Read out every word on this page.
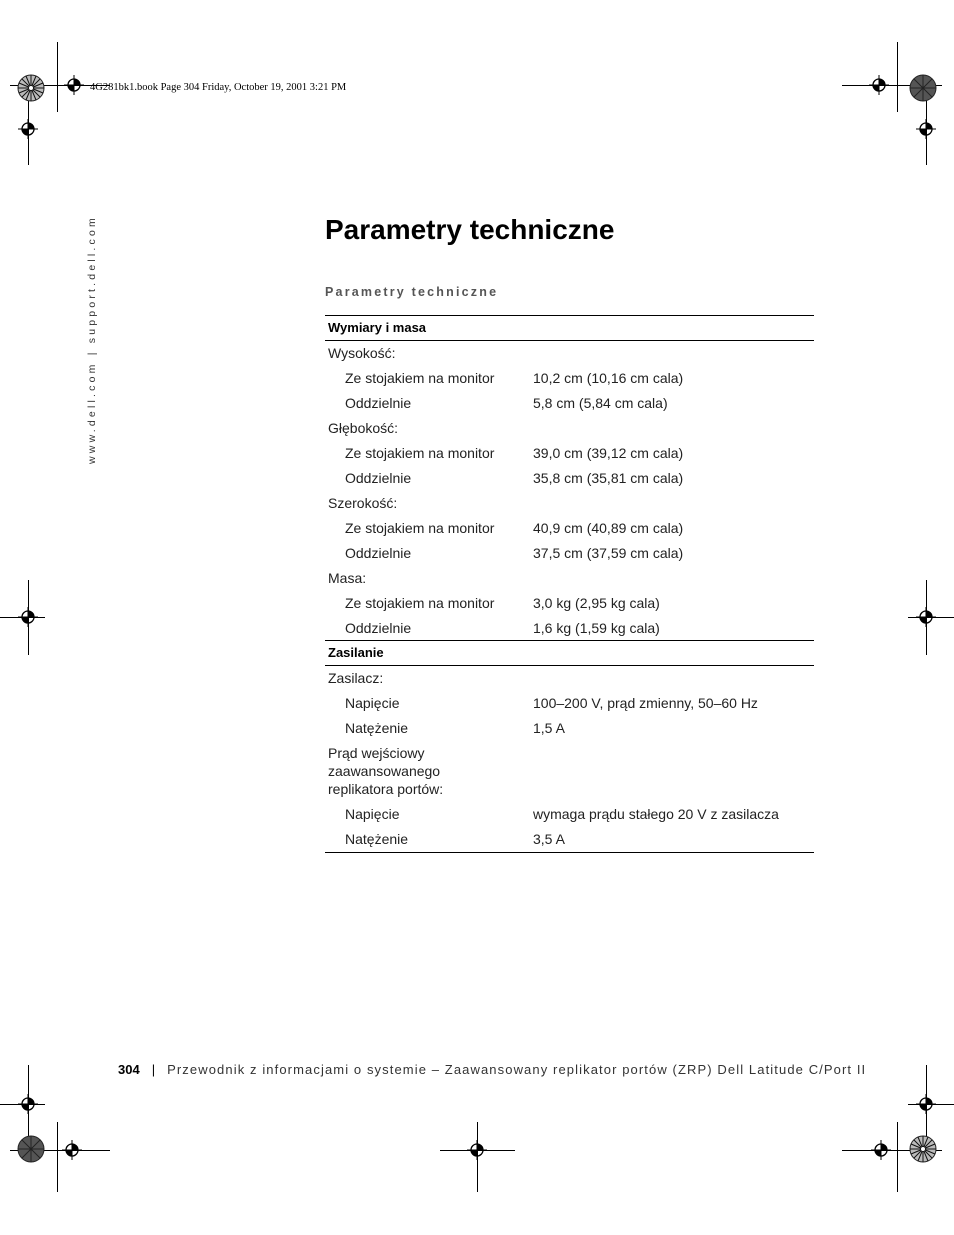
4G281bk1.book Page 304 Friday, October 19, 2001 3:21 PM
www.dell.com | support.dell.com	Parametry techniczne
Parametry techniczne
Wymiary i masa
Wysokość:
Ze stojakiem na monitor	10,2 cm (10,16 cm cala)
Oddzielnie	5,8 cm (5,84 cm cala)
Głębokość:
Ze stojakiem na monitor	39,0 cm (39,12 cm cala)
Oddzielnie	35,8 cm (35,81 cm cala)
Szerokość:
Ze stojakiem na monitor	40,9 cm (40,89 cm cala)
Oddzielnie	37,5 cm (37,59 cm cala)
Masa:
Ze stojakiem na monitor	3,0 kg (2,95 kg cala)
Oddzielnie	1,6 kg (1,59 kg cala)
Zasilanie
Zasilacz:
Napięcie	100–200 V, prąd zmienny, 50–60 Hz
Natężenie	1,5 A
Prąd wejściowy zaawansowanego replikatora portów:
Napięcie	wymaga prądu stałego 20 V z zasilacza
Natężenie	3,5 A
304 | Przewodnik z informacjami o systemie – Zaawansowany replikator portów (ZRP) Dell Latitude C/Port II
